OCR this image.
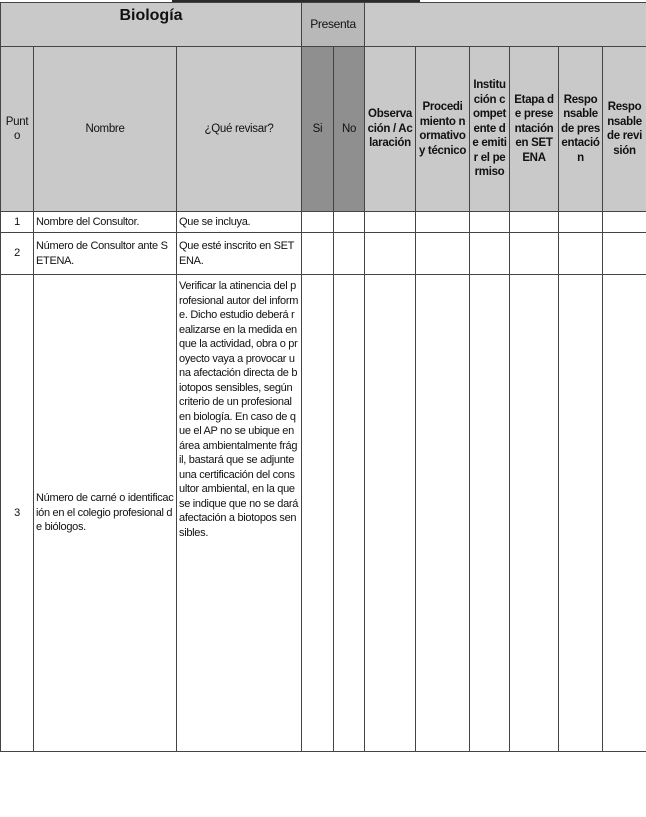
Biología			Presenta							
Punto	Nombre	¿Qué revisar?	Si	No	Observación / Aclaración	Procedimiento normativo y técnico	Institución competente de emitir el permiso	Etapa de presentación en SETENA	Responsable de presentación	Responsable de revisión
1	Nombre del Consultor.	Que se incluya.								
2	Número de Consultor ante SETENA.	Que esté inscrito en SETENA.								
3	Número de carné o identificación en el colegio profesional de biólogos.	Verificar la atinencia del profesional autor del informe. Dicho estudio deberá realizarse en la medida en que la actividad, obra o proyecto vaya a provocar una afectación directa de biotopos sensibles, según criterio de un profesional en biología. En caso de que el AP no se ubique en área ambientalmente frágil, bastará que se adjunte una certificación del consultor ambiental, en la que se indique que no se dará afectación a biotopos sensibles.								
